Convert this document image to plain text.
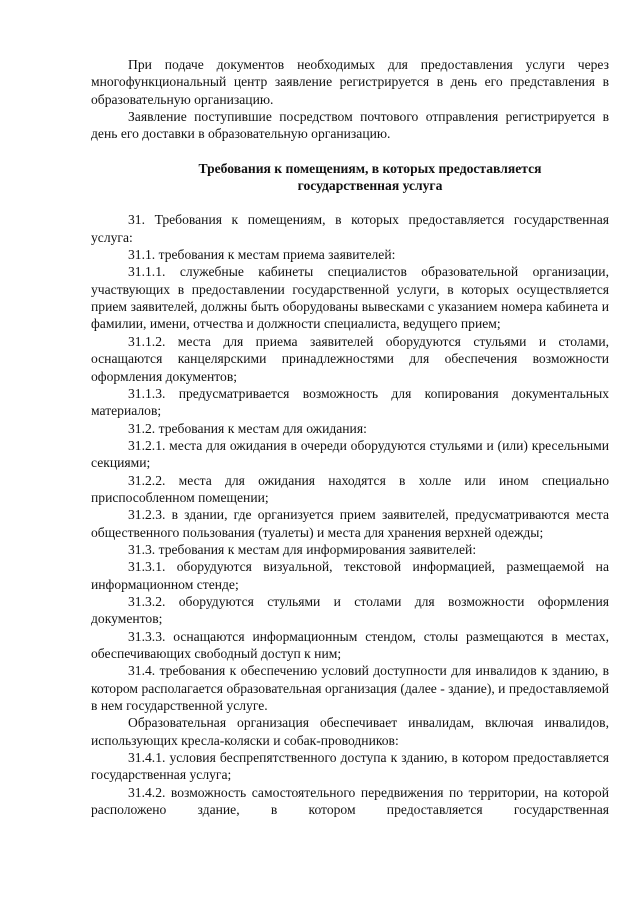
При подаче документов необходимых для предоставления услуги через многофункциональный центр заявление регистрируется в день его представления в образовательную организацию.

Заявление поступившие посредством почтового отправления регистрируется в день его доставки в образовательную организацию.

Требования к помещениям, в которых предоставляется
государственная услуга

31. Требования к помещениям, в которых предоставляется государственная услуга:

31.1. требования к местам приема заявителей:

31.1.1. служебные кабинеты специалистов образовательной организации, участвующих в предоставлении государственной услуги, в которых осуществляется прием заявителей, должны быть оборудованы вывесками с указанием номера кабинета и фамилии, имени, отчества и должности специалиста, ведущего прием;

31.1.2. места для приема заявителей оборудуются стульями и столами, оснащаются канцелярскими принадлежностями для обеспечения возможности оформления документов;

31.1.3. предусматривается возможность для копирования документальных материалов;

31.2. требования к местам для ожидания:

31.2.1. места для ожидания в очереди оборудуются стульями и (или) кресельными секциями;

31.2.2. места для ожидания находятся в холле или ином специально приспособленном помещении;

31.2.3. в здании, где организуется прием заявителей, предусматриваются места общественного пользования (туалеты) и места для хранения верхней одежды;

31.3. требования к местам для информирования заявителей:

31.3.1. оборудуются визуальной, текстовой информацией, размещаемой на информационном стенде;

31.3.2. оборудуются стульями и столами для возможности оформления документов;

31.3.3. оснащаются информационным стендом, столы размещаются в местах, обеспечивающих свободный доступ к ним;

31.4. требования к обеспечению условий доступности для инвалидов к зданию, в котором располагается образовательная организация (далее - здание), и предоставляемой в нем государственной услуге.

Образовательная организация обеспечивает инвалидам, включая инвалидов, использующих кресла-коляски и собак-проводников:

31.4.1. условия беспрепятственного доступа к зданию, в котором предоставляется государственная услуга;

31.4.2. возможность самостоятельного передвижения по территории, на которой расположено здание, в котором предоставляется государственная
